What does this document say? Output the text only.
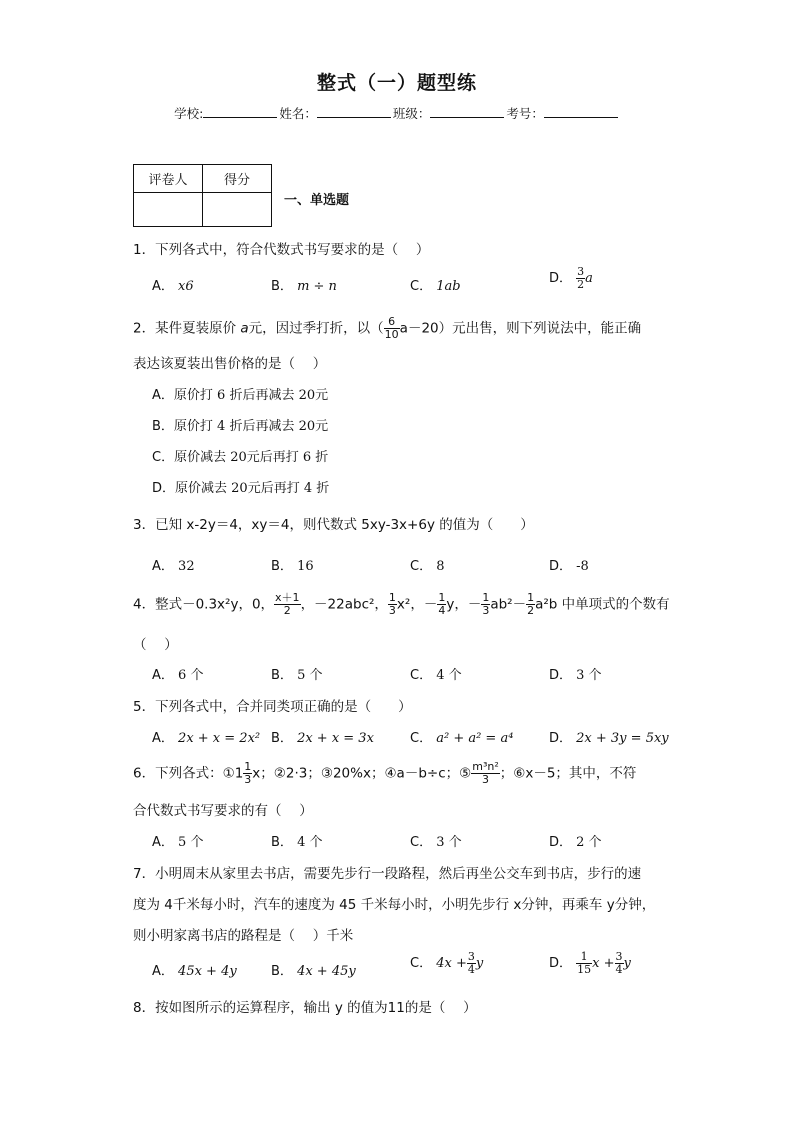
整式（一）题型练
学校:	姓名：	班级：	考号：
评卷人	得分

一、单选题
1．下列各式中，符合代数式书写要求的是（　 ）
A． x6	B． m ÷ n	C． 1ab
D． $\frac{3}{2}$ a
2．某件夏装原价 a元，因过季打折，以（ $\frac{6}{10} a-20$）元出售，则下列说法中，能正确
表达该夏装出售价格的是（　 ）
A．原价打 6 折后再减去 20元
B．原价打 4 折后再减去 20元
C．原价减去 20元后再打 6 折
D．原价减去 20元后再打 4 折
3．已知 x-2y＝4，xy＝4，则代数式 5xy-3x+6y 的值为（　　）
A． 32	B． 16	C． 8	D． -8
4．整式－0.3x²y，0， $\frac{x+1}{2}$ ，－22abc²， $\frac{1}{3} x^2$，－ $\frac{1}{4}$ y，－ $\frac{1}{3} ab^2- \frac{1}{2} a^2b$ 中单项式的个数有
（　 ）
A． 6 个	B． 5 个	C． 4 个	D． 3 个
5．下列各式中，合并同类项正确的是（　　）
A． 2x + x = 2x² B． 2x + x = 3x	C． a² + a² = a⁴	D． 2x + 3y = 5xy
6．下列各式：①1 $\frac{1}{3}$ x；②2·3；③20%x；④a－b÷c；⑤ $\frac{\text{m³n²}}{3}$ ；⑥x－5；其中，不符
合代数式书写要求的有（　 ）
A． 5 个	B． 4 个	C． 3 个	D． 2 个
7．小明周末从家里去书店，需要先步行一段路程，然后再坐公交车到书店，步行的速
度为 4千米每小时，汽车的速度为 45 千米每小时，小明先步行 x分钟，再乘车 y分钟，
则小明家离书店的路程是（　 ）千米
A． 45x + 4y	B． 4x + 45y
C． $4x + \frac{3}{4}$ y	D． $\frac{1}{15}$ $x + \frac{3}{4}$ y
8．按如图所示的运算程序，输出 y 的值为11的是（　 ）
